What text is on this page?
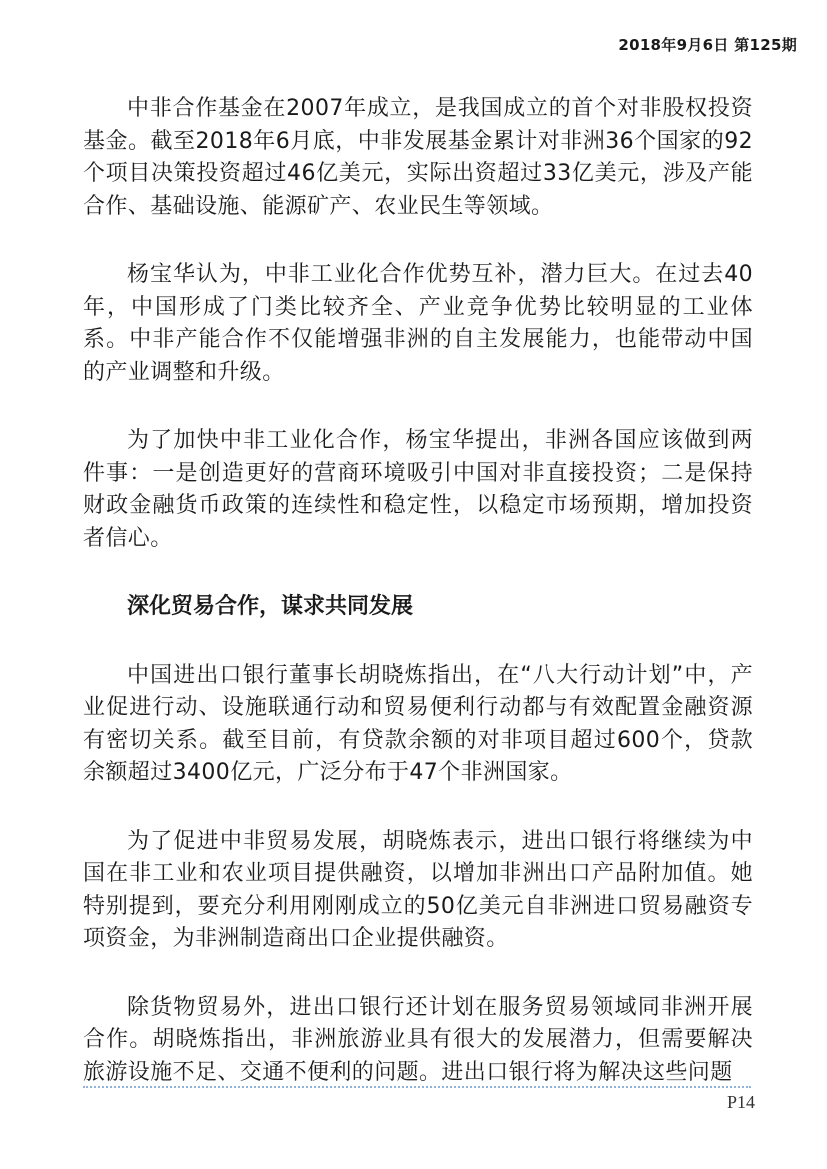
2018年9月6日 第125期

中非合作基金在2007年成立，是我国成立的首个对非股权投资基金。截至2018年6月底，中非发展基金累计对非洲36个国家的92个项目决策投资超过46亿美元，实际出资超过33亿美元，涉及产能合作、基础设施、能源矿产、农业民生等领域。

杨宝华认为，中非工业化合作优势互补，潜力巨大。在过去40年，中国形成了门类比较齐全、产业竞争优势比较明显的工业体系。中非产能合作不仅能增强非洲的自主发展能力，也能带动中国的产业调整和升级。

为了加快中非工业化合作，杨宝华提出，非洲各国应该做到两件事：一是创造更好的营商环境吸引中国对非直接投资；二是保持财政金融货币政策的连续性和稳定性，以稳定市场预期，增加投资者信心。

深化贸易合作，谋求共同发展

中国进出口银行董事长胡晓炼指出，在“八大行动计划”中，产业促进行动、设施联通行动和贸易便利行动都与有效配置金融资源有密切关系。截至目前，有贷款余额的对非项目超过600个，贷款余额超过3400亿元，广泛分布于47个非洲国家。

为了促进中非贸易发展，胡晓炼表示，进出口银行将继续为中国在非工业和农业项目提供融资，以增加非洲出口产品附加值。她特别提到，要充分利用刚刚成立的50亿美元自非洲进口贸易融资专项资金，为非洲制造商出口企业提供融资。

除货物贸易外，进出口银行还计划在服务贸易领域同非洲开展合作。胡晓炼指出，非洲旅游业具有很大的发展潜力，但需要解决旅游设施不足、交通不便利的问题。进出口银行将为解决这些问题

P14
